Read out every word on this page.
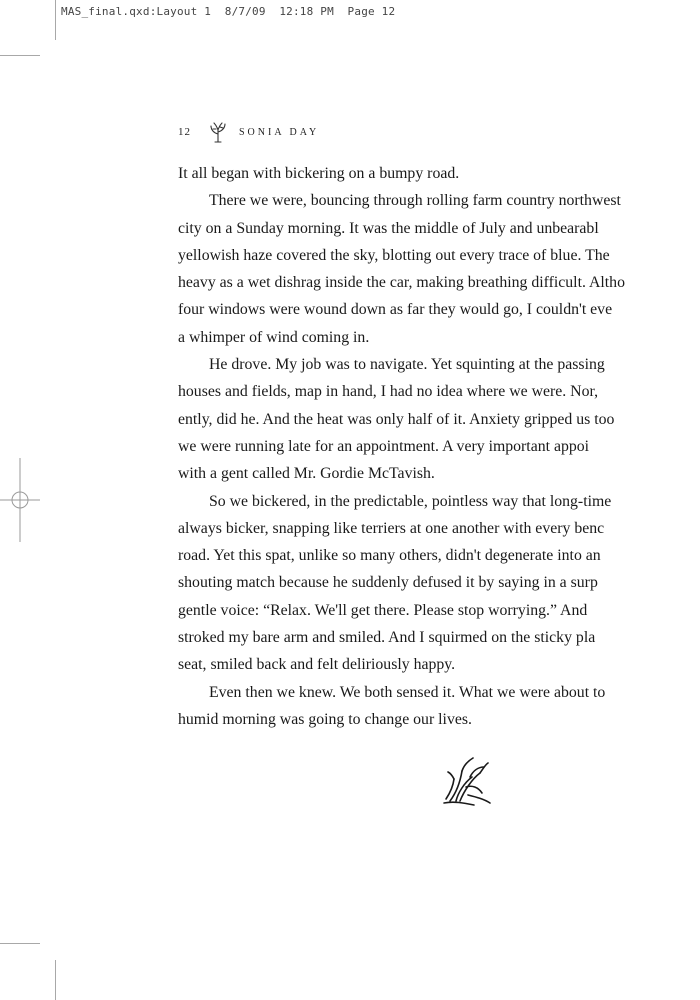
MAS_final.qxd:Layout 1  8/7/09  12:18 PM  Page 12
12	SONIA DAY
It all began with bickering on a bumpy road.
There we were, bouncing through rolling farm country northwest
city on a Sunday morning. It was the middle of July and unbearabl
yellowish haze covered the sky, blotting out every trace of blue. The
heavy as a wet dishrag inside the car, making breathing difficult. Altho
four windows were wound down as far they would go, I couldn't eve
a whimper of wind coming in.
He drove. My job was to navigate. Yet squinting at the passing
houses and fields, map in hand, I had no idea where we were. Nor,
ently, did he. And the heat was only half of it. Anxiety gripped us too
we were running late for an appointment. A very important appoi
with a gent called Mr. Gordie McTavish.
So we bickered, in the predictable, pointless way that long-time
always bicker, snapping like terriers at one another with every benc
road. Yet this spat, unlike so many others, didn't degenerate into an
shouting match because he suddenly defused it by saying in a surp
gentle voice: “Relax. We'll get there. Please stop worrying.” And
stroked my bare arm and smiled. And I squirmed on the sticky pla
seat, smiled back and felt deliriously happy.
Even then we knew. We both sensed it. What we were about to
humid morning was going to change our lives.
